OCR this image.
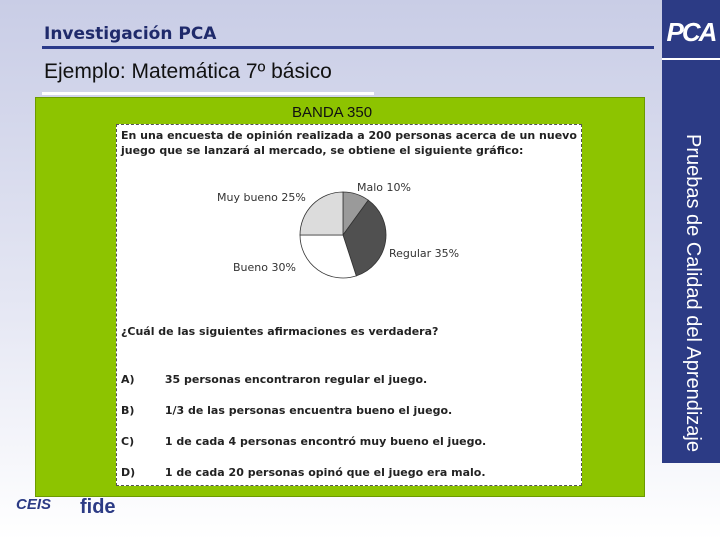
Investigación PCA
Ejemplo: Matemática 7º básico
PCA
Pruebas de Calidad del Aprendizaje
BANDA 350
En una encuesta de opinión realizada a 200 personas acerca de un nuevo juego que se lanzará al mercado, se obtiene el siguiente gráfico:
Malo 10%
Regular 35%
Bueno 30%
Muy bueno 25%
¿Cuál de las siguientes afirmaciones es verdadera?
A)	35 personas encontraron regular el juego.
B)	1/3 de las personas encuentra bueno el juego.
C)	1 de cada 4 personas encontró muy bueno el juego.
D)	1 de cada 20 personas opinó que el juego era malo.
CEIS fide
